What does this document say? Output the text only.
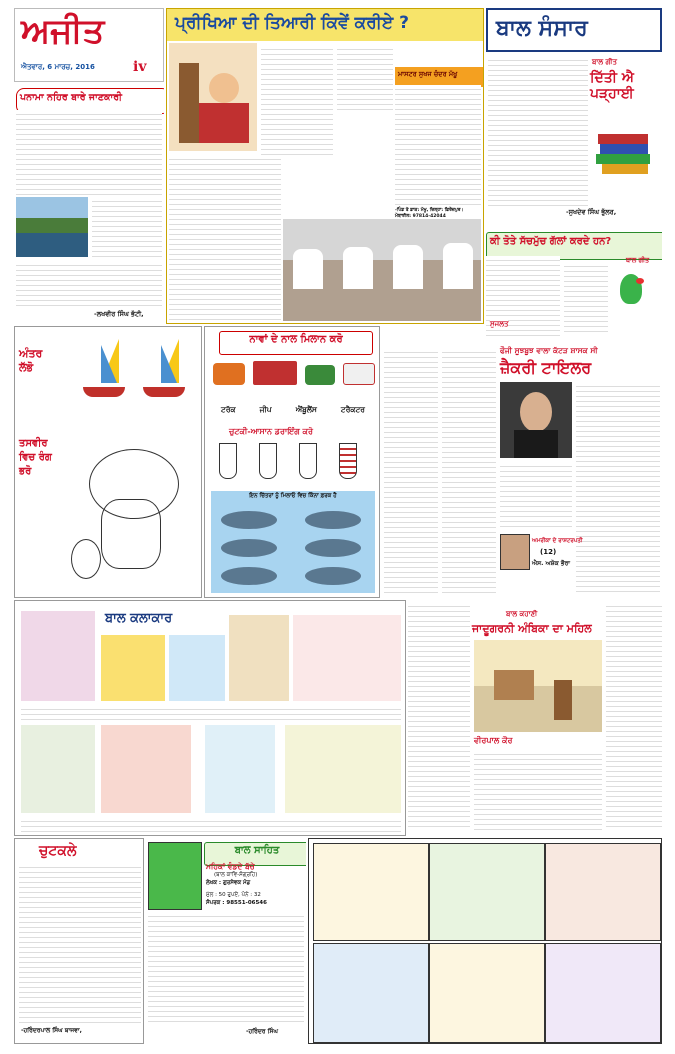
ਅਜੀਤ
ਐਤਵਾਰ, 6 ਮਾਰਚ, 2016	iv
ਪਨਾਮਾ ਨਹਿਰ ਬਾਰੇ ਜਾਣਕਾਰੀ
-ਲਖਵੀਰ ਸਿੰਘ ਭੱਟੀ,
ਪ੍ਰੀਖਿਆ ਦੀ ਤਿਆਰੀ ਕਿਵੇਂ ਕਰੀਏ ?
ਮਾਸਟਰ ਸੁਖਜ ਚੰਦਰ ਮੱਖੂ
-ਪਿੰਡ ਤੇ ਡਾਕ: ਮੱਖੂ, ਜ਼ਿਲ੍ਹਾ: ਫ਼ਿਰੋਜ਼ਪੁਰ। ਮੋਬਾਈਲ: 97814-42044
ਬਾਲ ਸੰਸਾਰ
ਬਾਲ ਗੀਤ
ਦਿੱਤੀ ਐ ਪੜ੍ਹਾਈ
-ਸੁਖਦੇਵ ਸਿੰਘ ਭੁੱਲਰ,
ਕੀ ਤੋਤੇ ਸੱਚਮੁੱਚ ਗੱਲਾਂ ਕਰਦੇ ਹਨ?
ਸੁਜਲਤ
ਬਾਲ ਗੀਤ
ਅੰਤਰ ਲੱਭੋ
ਤਸਵੀਰ ਵਿਚ ਰੰਗ ਭਰੋ
ਨਾਵਾਂ ਦੇ ਨਾਲ ਮਿਲਾਨ ਕਰੋ
ਟਰੱਕ	ਜੀਪ	ਐਂਬੂਲੈਂਸ	ਟਰੈਕਟਰ
ਚੁਟਕੀ-ਆਸਾਨ ਡਰਾਇੰਗ ਕਰੋ
ਇਨ ਚਿੱਤਰਾਂ ਨੂੰ ਮਿਲਾਓ ਵਿਚ ਕਿੰਨਾ ਫ਼ਰਕ ਹੈ
ਫੌਜੀ ਸੂਝਬੂਝ ਵਾਲਾ ਕੱਟੜ ਸ਼ਾਸਕ ਸੀ
ਜ਼ੈਕਰੀ ਟਾਇਲਰ
ਅਮਰੀਕਾ ਦੇ ਰਾਸ਼ਟਰਪਤੀ
(12)
ਐਸ. ਅਸ਼ੋਕ ਭੌਰਾ
ਬਾਲ ਕਲਾਕਾਰ	ਬਾਲ ਕਹਾਣੀ
ਜਾਦੂਗਰਨੀ ਅੰਬਿਕਾ ਦਾ ਮਹਿਲ
ਵੀਰਪਾਲ ਕੌਰ
ਚੁਟਕਲੇ
-ਹਰਿੰਦਰਪਾਲ ਸਿੰਘ ਬਾਜਵਾ,
ਬਾਲ ਸਾਹਿਤ
ਮਹਿਕਾਂ ਵੰਡਦੇ ਬੱਚੇ
(ਬਾਲ ਕਾਵਿ-ਸੰਗ੍ਰਹਿ)
ਲੇਖਕ : ਗੁਰਸੇਵਕ ਮੰਡ
ਮੁੱਲ : 50 ਰੁਪਏ, ਪੰਨੇ : 32
ਸੰਪਰਕ : 98551-06546
-ਹਰਿੰਦਰ ਸਿੰਘ
